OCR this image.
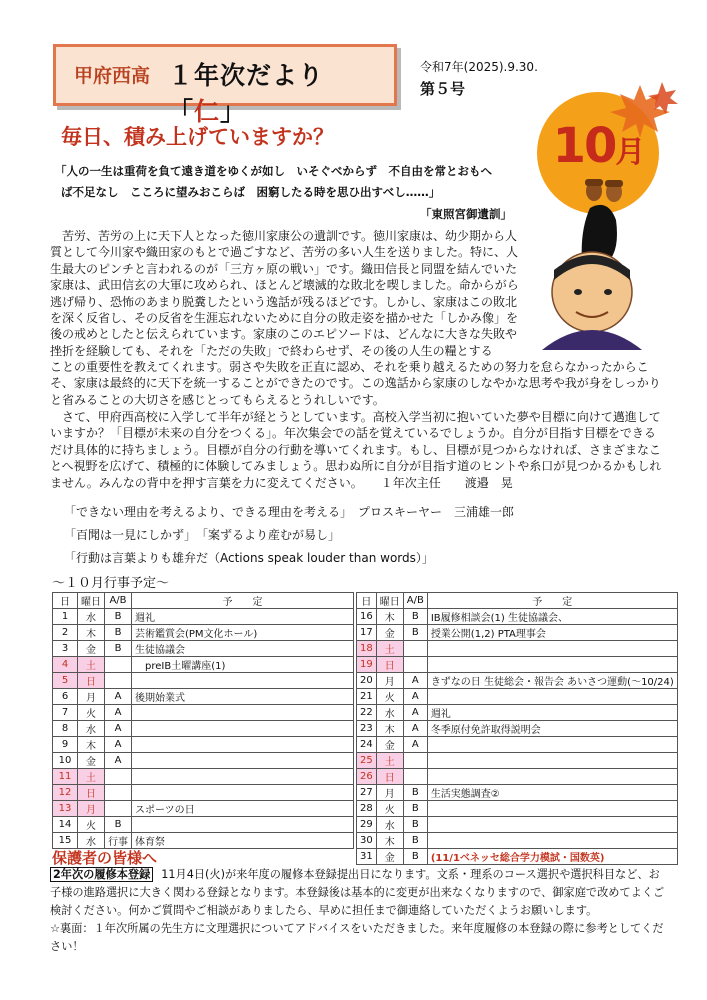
甲府西高 １年次だより「仁」
令和7年(2025).9.30.
第５号
10月
毎日、積み上げていますか？
「人の一生は重荷を負て遠き道をゆくが如し　いそぐべからず　不自由を常とおもへ
ば不足なし　こころに望みおこらば　困窮したる時を思ひ出すべし……」
「東照宮御遺訓」
苦労、苦労の上に天下人となった徳川家康公の遺訓です。徳川家康は、幼少期から人質として今川家や織田家のもとで過ごすなど、苦労の多い人生を送りました。特に、人生最大のピンチと言われるのが「三方ヶ原の戦い」です。織田信長と同盟を結んでいた家康は、武田信玄の大軍に攻められ、ほとんど壊滅的な敗北を喫しました。命からがら逃げ帰り、恐怖のあまり脱糞したという逸話が残るほどです。しかし、家康はこの敗北を深く反省し、その反省を生涯忘れないために自分の敗走姿を描かせた「しかみ像」を後の戒めとしたと伝えられています。家康のこのエピソードは、どんなに大きな失敗や挫折を経験しても、それを「ただの失敗」で終わらせず、その後の人生の糧とする
ことの重要性を教えてくれます。弱さや失敗を正直に認め、それを乗り越えるための努力を怠らなかったからこそ、家康は最終的に天下を統一することができたのです。この逸話から家康のしなやかな思考や我が身をしっかりと省みることの大切さを感じとってもらえるとうれしいです。
さて、甲府西高校に入学して半年が経とうとしています。高校入学当初に抱いていた夢や目標に向けて邁進していますか？「目標が未来の自分をつくる」。年次集会での話を覚えているでしょうか。自分が目指す目標をできるだけ具体的に持ちましょう。目標が自分の行動を導いてくれます。もし、目標が見つからなければ、さまざまなことへ視野を広げて、積極的に体験してみましょう。思わぬ所に自分が目指す道のヒントや糸口が見つかるかもしれません。みんなの背中を押す言葉を力に変えてください。 １年次主任　　渡邉　晃
「できない理由を考えるより、できる理由を考える」　プロスキーヤー　三浦雄一郎
「百聞は一見にしかず」　「案ずるより産むが易し」
「行動は言葉よりも雄弁だ（Actions speak louder than words）」
～１０月行事予定～
日	曜日	A/B	予　　定
1	水	B	週礼
2	木	B	芸術鑑賞会(PM文化ホール)
3	金	B	生徒協議会
4	土		　preIB土曜講座(1)
5	日		
6	月	A	後期始業式
7	火	A	
8	水	A	
9	木	A	
10	金	A	
11	土		
12	日		
13	月		スポーツの日
14	火	B	
15	水	行事	体育祭
日	曜日	A/B	予　　定
16	木	B	IB履修相談会(1) 生徒協議会、
17	金	B	授業公開(1,2) PTA理事会
18	土		
19	日		
20	月	A	きずなの日 生徒総会・報告会 あいさつ運動(～10/24)
21	火	A	
22	水	A	週礼
23	木	A	冬季原付免許取得説明会
24	金	A	
25	土		
26	日		
27	月	B	生活実態調査②
28	火	B	
29	水	B	
30	木	B	
31	金	B	(11/1ベネッセ総合学力模試・国数英)
保護者の皆様へ
2年次の履修本登録 11月4日(火)が来年度の履修本登録提出日になります。文系・理系のコース選択や選択科目など、お子様の進路選択に大きく関わる登録となります。本登録後は基本的に変更が出来なくなりますので、御家庭で改めてよくご検討ください。何かご質問やご相談がありましたら、早めに担任まで御連絡していただくようお願いします。
☆裏面：１年次所属の先生方に文理選択についてアドバイスをいただきました。来年度履修の本登録の際に参考としてください！
